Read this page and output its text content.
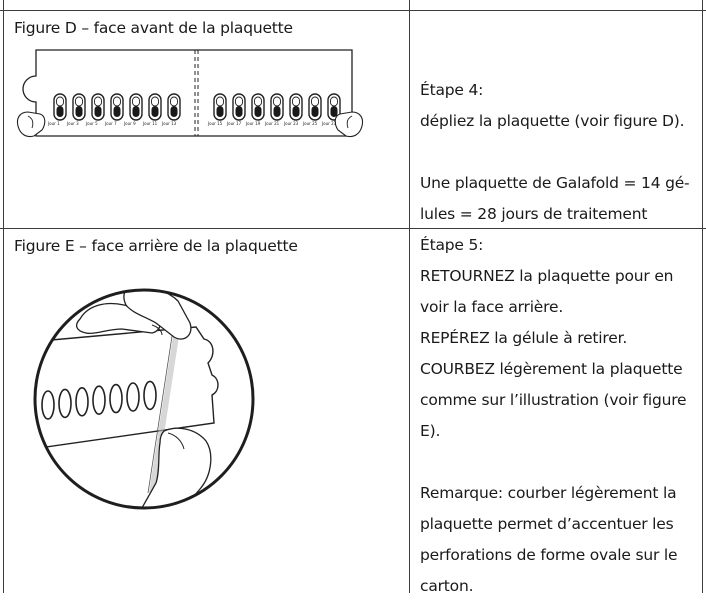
Figure D – face avant de la plaquette
Jour 1 Jour 3 Jour 5 Jour 7 Jour 9 Jour 11 Jour 13	Jour 15 Jour 17 Jour 19 Jour 21 Jour 23 Jour 25 Jour 27
Étape 4:
dépliez la plaquette (voir figure D).
Une plaquette de Galafold = 14 gé-
lules = 28 jours de traitement
Figure E – face arrière de la plaquette	Étape 5:
RETOURNEZ la plaquette pour en
voir la face arrière.
REPÉREZ la gélule à retirer.
COURBEZ légèrement la plaquette
comme sur l’illustration (voir figure
E).
Remarque: courber légèrement la
plaquette permet d’accentuer les
perforations de forme ovale sur le
carton.
